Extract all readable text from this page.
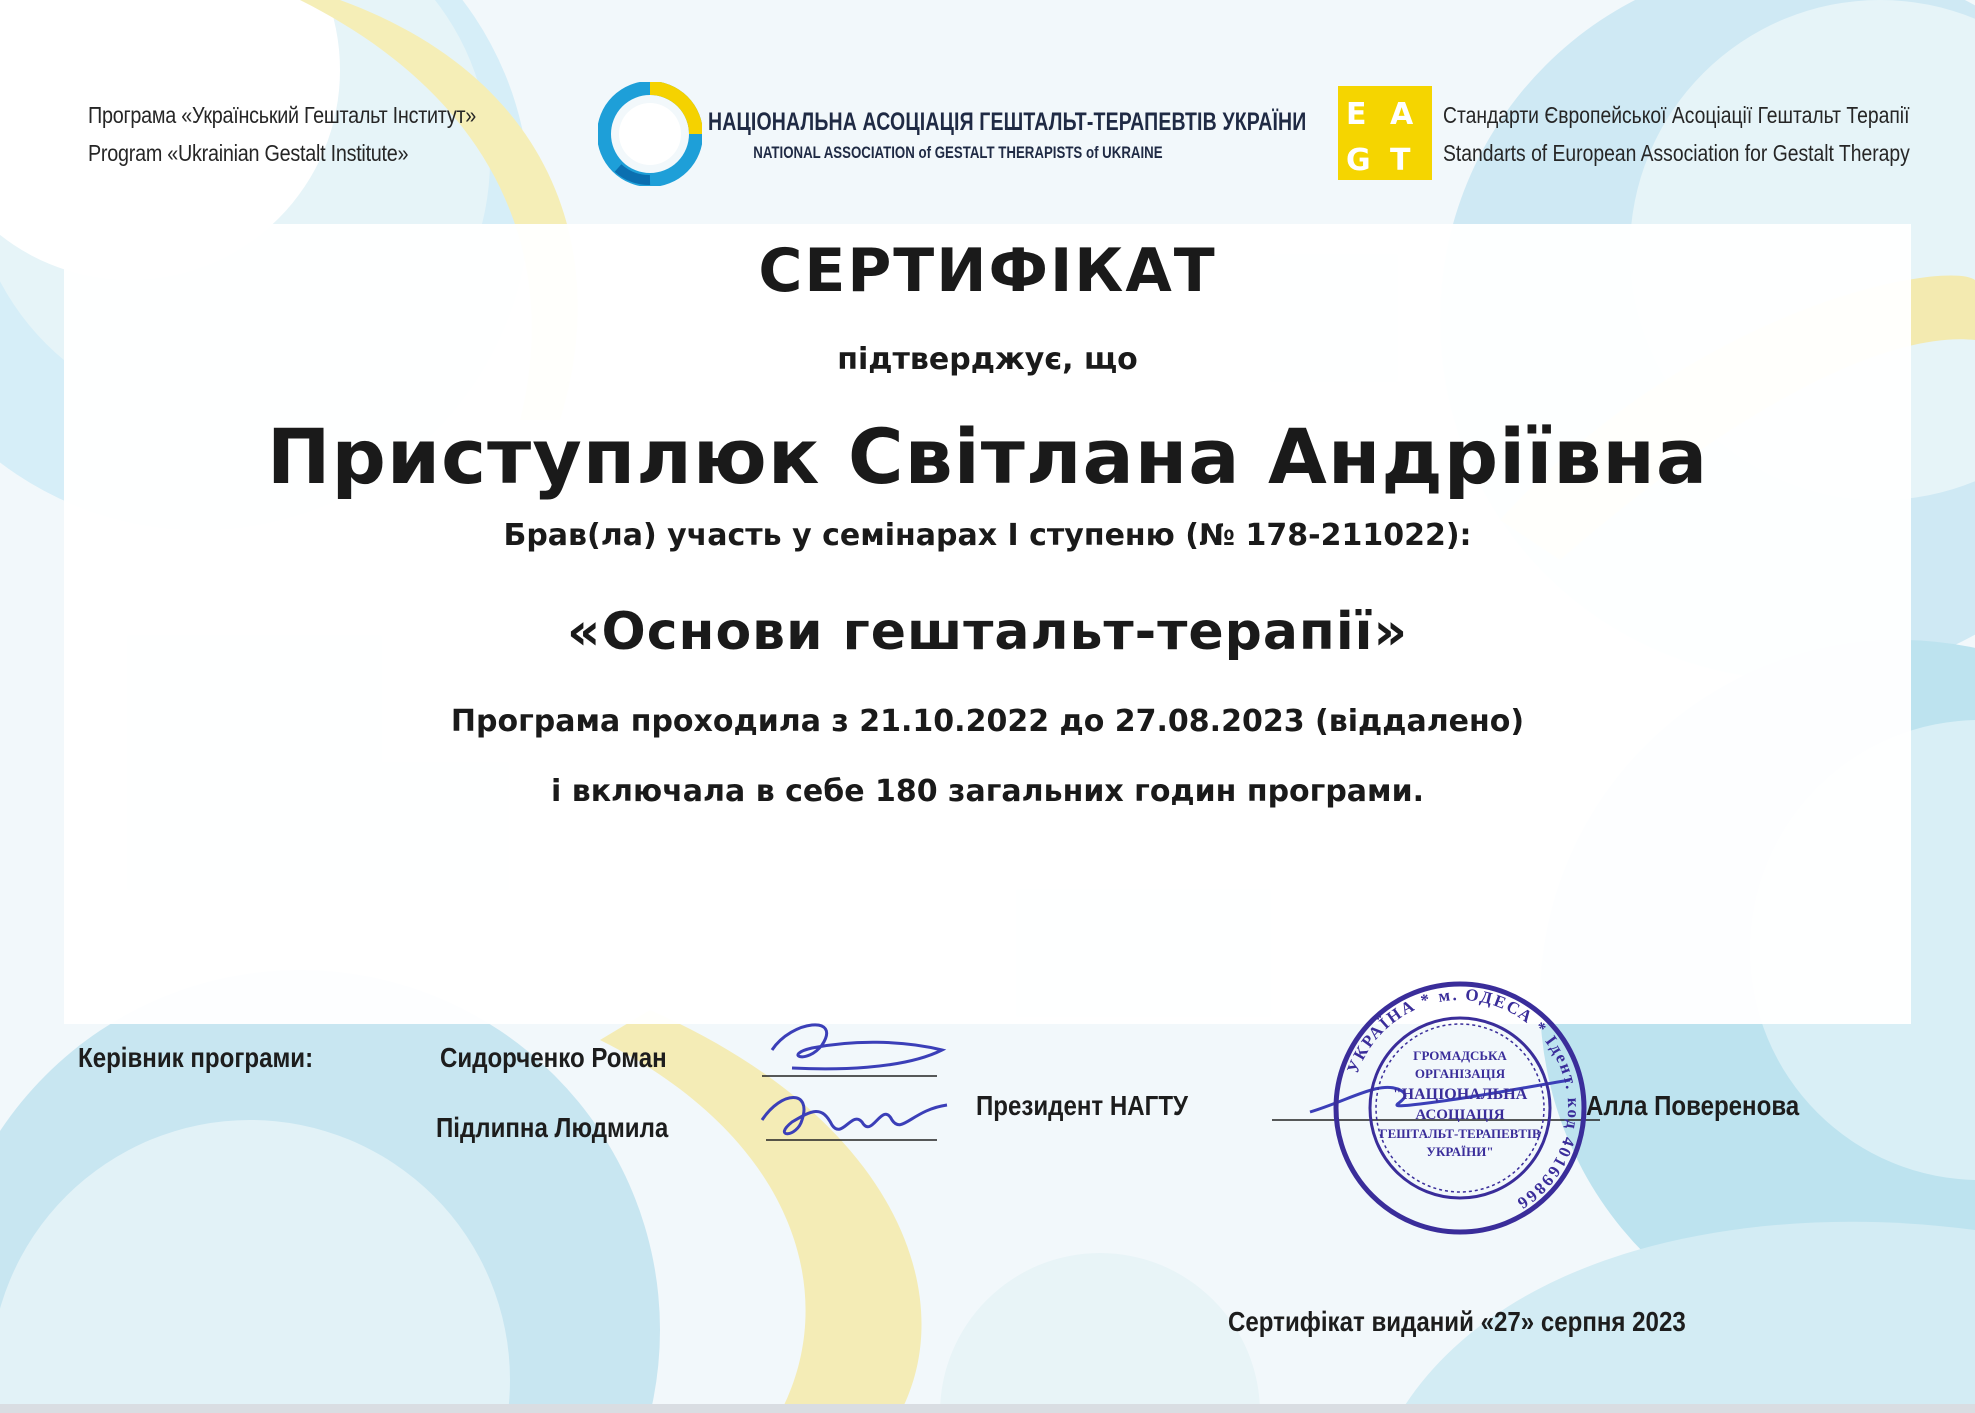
Програма «Український Гештальт Інститут»
Program «Ukrainian Gestalt Institute»
НАЦІОНАЛЬНА АСОЦІАЦІЯ ГЕШТАЛЬТ-ТЕРАПЕВТІВ УКРАЇНИ
NATIONAL ASSOCIATION of GESTALT THERAPISTS of UKRAINE
E A
G T
Стандарти Європейської Асоціації Гештальт Терапії
Standarts of European Association for Gestalt Therapy
СЕРТИФІКАТ
підтверджує, що
Приступлюк Світлана Андріївна
Брав(ла) участь у семінарах І ступеню (№ 178-211022):
«Основи гештальт-терапії»
Програма проходила з 21.10.2022 до 27.08.2023 (віддалено)
і включала в себе 180 загальних годин програми.
Керівник програми:	Сидорченко Роман
Підлипна Людмила
Президент НАГТУ	Алла Поверенова
УКРАЇНА * м. ОДЕСА * Ідент. код 40169866
ГРОМАДСЬКА
ОРГАНІЗАЦІЯ
"НАЦІОНАЛЬНА
АСОЦІАЦІЯ
ГЕШТАЛЬТ-ТЕРАПЕВТІВ
УКРАЇНИ"
Сертифікат виданий «27» серпня 2023
